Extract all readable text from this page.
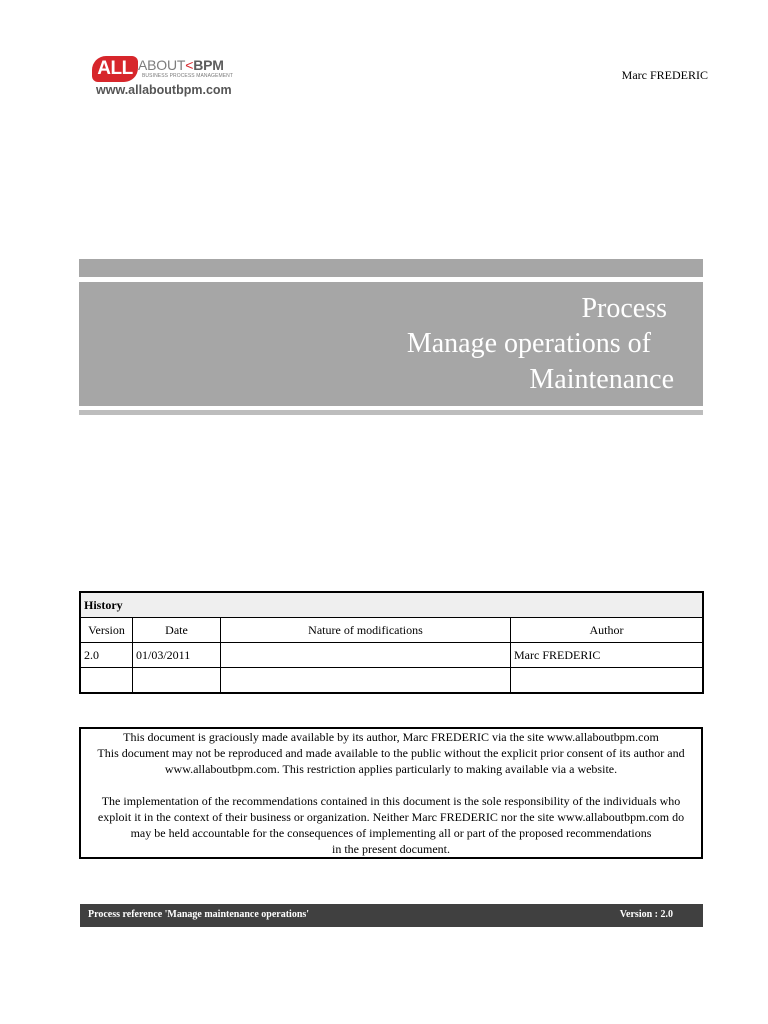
ALL ABOUT<BPM
BUSINESS PROCESS MANAGEMENT
www.allaboutbpm.com
Marc FREDERIC
Process
Manage operations of
Maintenance
History			
Version	Date	Nature of modifications	Author
2.0	01/03/2011		Marc FREDERIC

This document is graciously made available by its author, Marc FREDERIC via the site www.allaboutbpm.com

This document may not be reproduced and made available to the public without the explicit prior consent of its author and

www.allaboutbpm.com. This restriction applies particularly to making available via a website.

The implementation of the recommendations contained in this document is the sole responsibility of the individuals who

exploit it in the context of their business or organization. Neither Marc FREDERIC nor the site www.allaboutbpm.com do

may be held accountable for the consequences of implementing all or part of the proposed recommendations

in the present document.

Process reference 'Manage maintenance operations'	Version : 2.0
